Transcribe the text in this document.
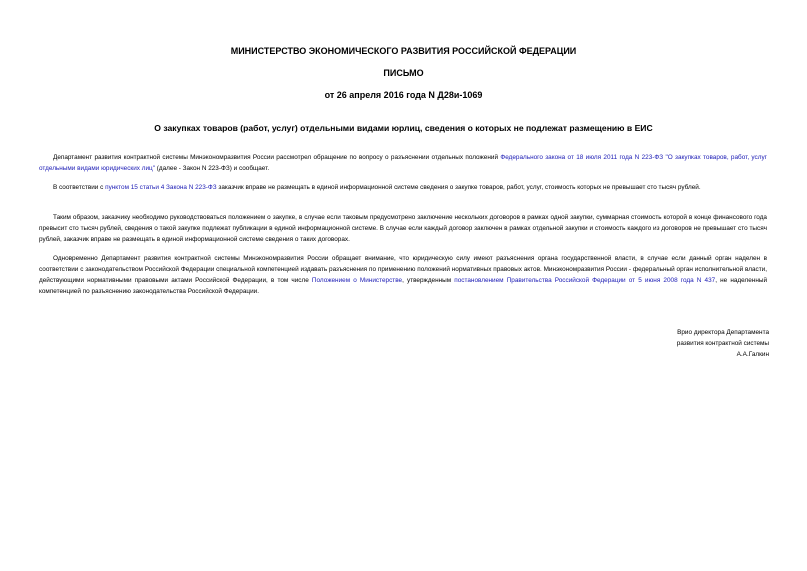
МИНИСТЕРСТВО ЭКОНОМИЧЕСКОГО РАЗВИТИЯ РОССИЙСКОЙ ФЕДЕРАЦИИ
ПИСЬМО
от 26 апреля 2016 года N Д28и-1069
О закупках товаров (работ, услуг) отдельными видами юрлиц, сведения о которых не подлежат размещению в ЕИС

Департамент развития контрактной системы Минэкономразвития России рассмотрел обращение по вопросу о разъяснении отдельных положений Федерального закона от 18 июля 2011 года N 223-ФЗ "О закупках товаров, работ, услуг отдельными видами юридических лиц" (далее - Закон N 223-ФЗ) и сообщает.

В соответствии с пунктом 15 статьи 4 Закона N 223-ФЗ заказчик вправе не размещать в единой информационной системе сведения о закупке товаров, работ, услуг, стоимость которых не превышает сто тысяч рублей.

Таким образом, заказчику необходимо руководствоваться положением о закупке, в случае если таковым предусмотрено заключение нескольких договоров в рамках одной закупки, суммарная стоимость которой в конце финансового года превысит сто тысяч рублей, сведения о такой закупке подлежат публикации в единой информационной системе. В случае если каждый договор заключен в рамках отдельной закупки и стоимость каждого из договоров не превышает сто тысяч рублей, заказчик вправе не размещать в единой информационной системе сведения о таких договорах.

Одновременно Департамент развития контрактной системы Минэкономразвития России обращает внимание, что юридическую силу имеют разъяснения органа государственной власти, в случае если данный орган наделен в соответствии с законодательством Российской Федерации специальной компетенцией издавать разъяснения по применению положений нормативных правовых актов. Минэкономразвития России - федеральный орган исполнительной власти, действующими нормативными правовыми актами Российской Федерации, в том числе Положением о Министерстве, утвержденным постановлением Правительства Российской Федерации от 5 июня 2008 года N 437, не наделенный компетенцией по разъяснению законодательства Российской Федерации.

Врио директора Департамента
развития контрактной системы
А.А.Галкин
